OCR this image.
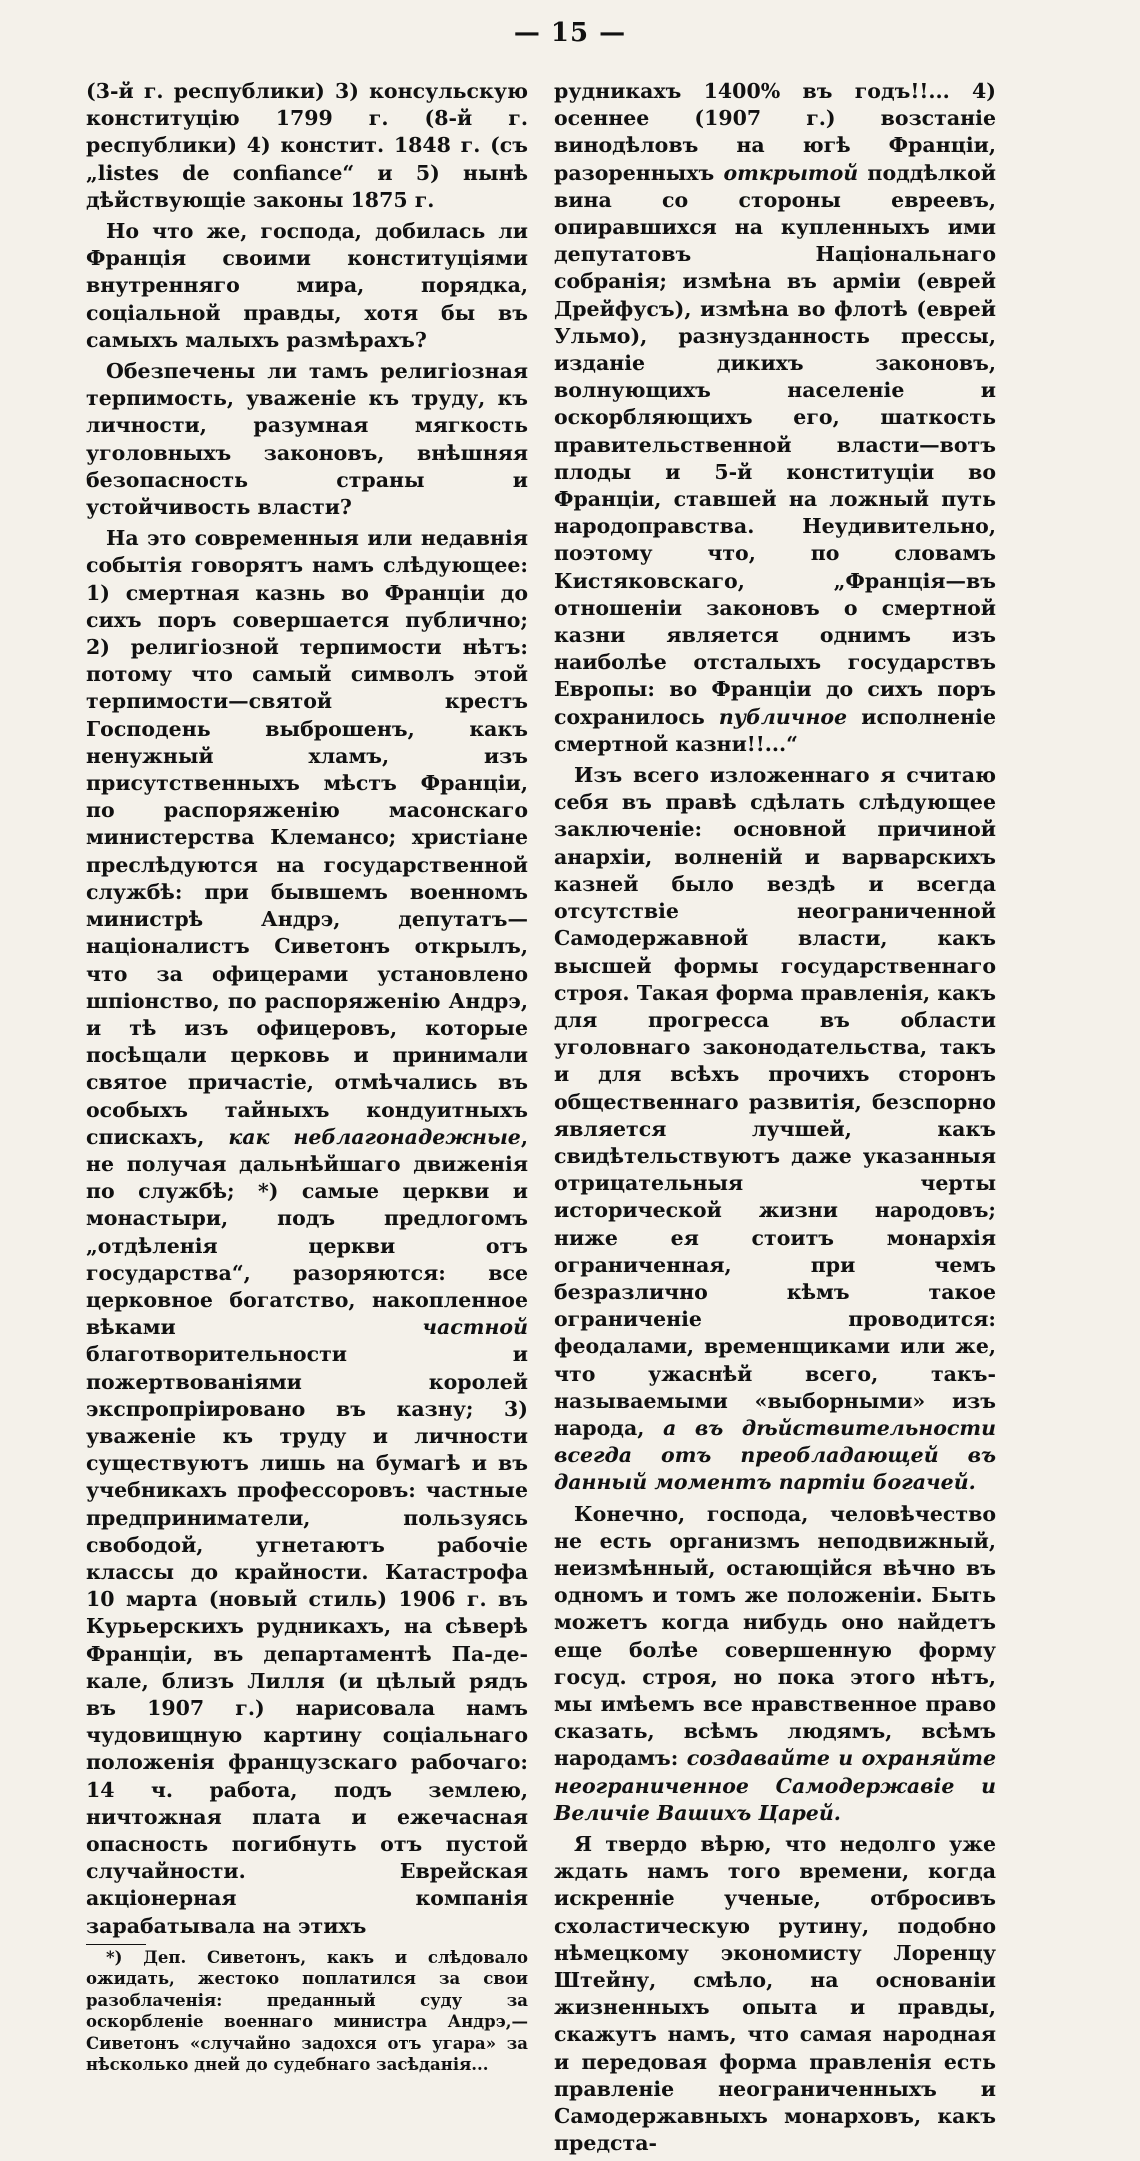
— 15 —

(3-й г. республики) 3) консульскую конституцію 1799 г. (8-й г. республики) 4) констит. 1848 г. (съ „listes de confiance“ и 5) нынѣ дѣйствующіе законы 1875 г.

Но что же, господа, добилась ли Франція своими конституціями внутренняго мира, порядка, соціальной правды, хотя бы въ самыхъ малыхъ размѣрахъ?

Обезпечены ли тамъ религіозная терпимость, уваженіе къ труду, къ личности, разумная мягкость уголовныхъ законовъ, внѣшняя безопасность страны и устойчивость власти?

На это современныя или недавнія событія говорятъ намъ слѣдующее: 1) смертная казнь во Франціи до сихъ поръ совершается публично; 2) религіозной терпимости нѣтъ: потому что самый символъ этой терпимости—святой крестъ Господень выброшенъ, какъ ненужный хламъ, изъ присутственныхъ мѣстъ Франціи, по распоряженію масонскаго министерства Клемансо; христіане преслѣдуются на государственной службѣ: при бывшемъ военномъ министрѣ Андрэ, депутатъ—націоналистъ Сиветонъ открылъ, что за офицерами установлено шпіонство, по распоряженію Андрэ, и тѣ изъ офицеровъ, которые посѣщали церковь и принимали святое причастіе, отмѣчались въ особыхъ тайныхъ кондуитныхъ спискахъ, как неблагонадежные, не получая дальнѣйшаго движенія по службѣ; *) самые церкви и монастыри, подъ предлогомъ „отдѣленія церкви отъ государства“, разоряются: все церковное богатство, накопленное вѣками частной благотворительности и пожертвованіями королей экспропріировано въ казну; 3) уваженіе къ труду и личности существуютъ лишь на бумагѣ и въ учебникахъ профессоровъ: частные предприниматели, пользуясь свободой, угнетаютъ рабочіе классы до крайности. Катастрофа 10 марта (новый стиль) 1906 г. въ Курьерскихъ рудникахъ, на сѣверѣ Франціи, въ департаментѣ Па-де-кале, близъ Лилля (и цѣлый рядъ въ 1907 г.) нарисовала намъ чудовищную картину соціальнаго положенія французскаго рабочаго: 14 ч. работа, подъ землею, ничтожная плата и ежечасная опасность погибнуть отъ пустой случайности. Еврейская акціонерная компанія зарабатывала на этихъ

*) Деп. Сиветонъ, какъ и слѣдовало ожидать, жестоко поплатился за свои разоблаченія: преданный суду за оскорбленіе военнаго министра Андрэ,—Сиветонъ «случайно задохся отъ угара» за нѣсколько дней до судебнаго засѣданія...

рудникахъ 1400% въ годъ!!... 4) осеннее (1907 г.) возстаніе винодѣловъ на югѣ Франціи, разоренныхъ открытой поддѣлкой вина со стороны евреевъ, опиравшихся на купленныхъ ими депутатовъ Національнаго собранія; измѣна въ арміи (еврей Дрейфусъ), измѣна во флотѣ (еврей Ульмо), разнузданность прессы, изданіе дикихъ законовъ, волнующихъ населеніе и оскорбляющихъ его, шаткость правительственной власти—вотъ плоды и 5-й конституціи во Франціи, ставшей на ложный путь народоправства. Неудивительно, поэтому что, по словамъ Кистяковскаго, „Франція—въ отношеніи законовъ о смертной казни является однимъ изъ наиболѣе отсталыхъ государствъ Европы: во Франціи до сихъ поръ сохранилось публичное исполненіе смертной казни!!...“

Изъ всего изложеннаго я считаю себя въ правѣ сдѣлать слѣдующее заключеніе: основной причиной анархіи, волненій и варварскихъ казней было вездѣ и всегда отсутствіе неограниченной Самодержавной власти, какъ высшей формы государственнаго строя. Такая форма правленія, какъ для прогресса въ области уголовнаго законодательства, такъ и для всѣхъ прочихъ сторонъ общественнаго развитія, безспорно является лучшей, какъ свидѣтельствуютъ даже указанныя отрицательныя черты исторической жизни народовъ; ниже ея стоитъ монархія ограниченная, при чемъ безразлично кѣмъ такое ограниченіе проводится: феодалами, временщиками или же, что ужаснѣй всего, такъ-называемыми «выборными» изъ народа, а въ дѣйствительности всегда отъ преобладающей въ данный моментъ партіи богачей.

Конечно, господа, человѣчество не есть организмъ неподвижный, неизмѣнный, остающійся вѣчно въ одномъ и томъ же положеніи. Быть можетъ когда нибудь оно найдетъ еще болѣе совершенную форму госуд. строя, но пока этого нѣтъ, мы имѣемъ все нравственное право сказать, всѣмъ людямъ, всѣмъ народамъ: создавайте и охраняйте неограниченное Самодержавіе и Величіе Вашихъ Царей.

Я твердо вѣрю, что недолго уже ждать намъ того времени, когда искренніе ученые, отбросивъ схоластическую рутину, подобно нѣмецкому экономисту Лоренцу Штейну, смѣло, на основаніи жизненныхъ опыта и правды, скажутъ намъ, что самая народная и передовая форма правленія есть правленіе неограниченныхъ и Самодержавныхъ монарховъ, какъ предста-
